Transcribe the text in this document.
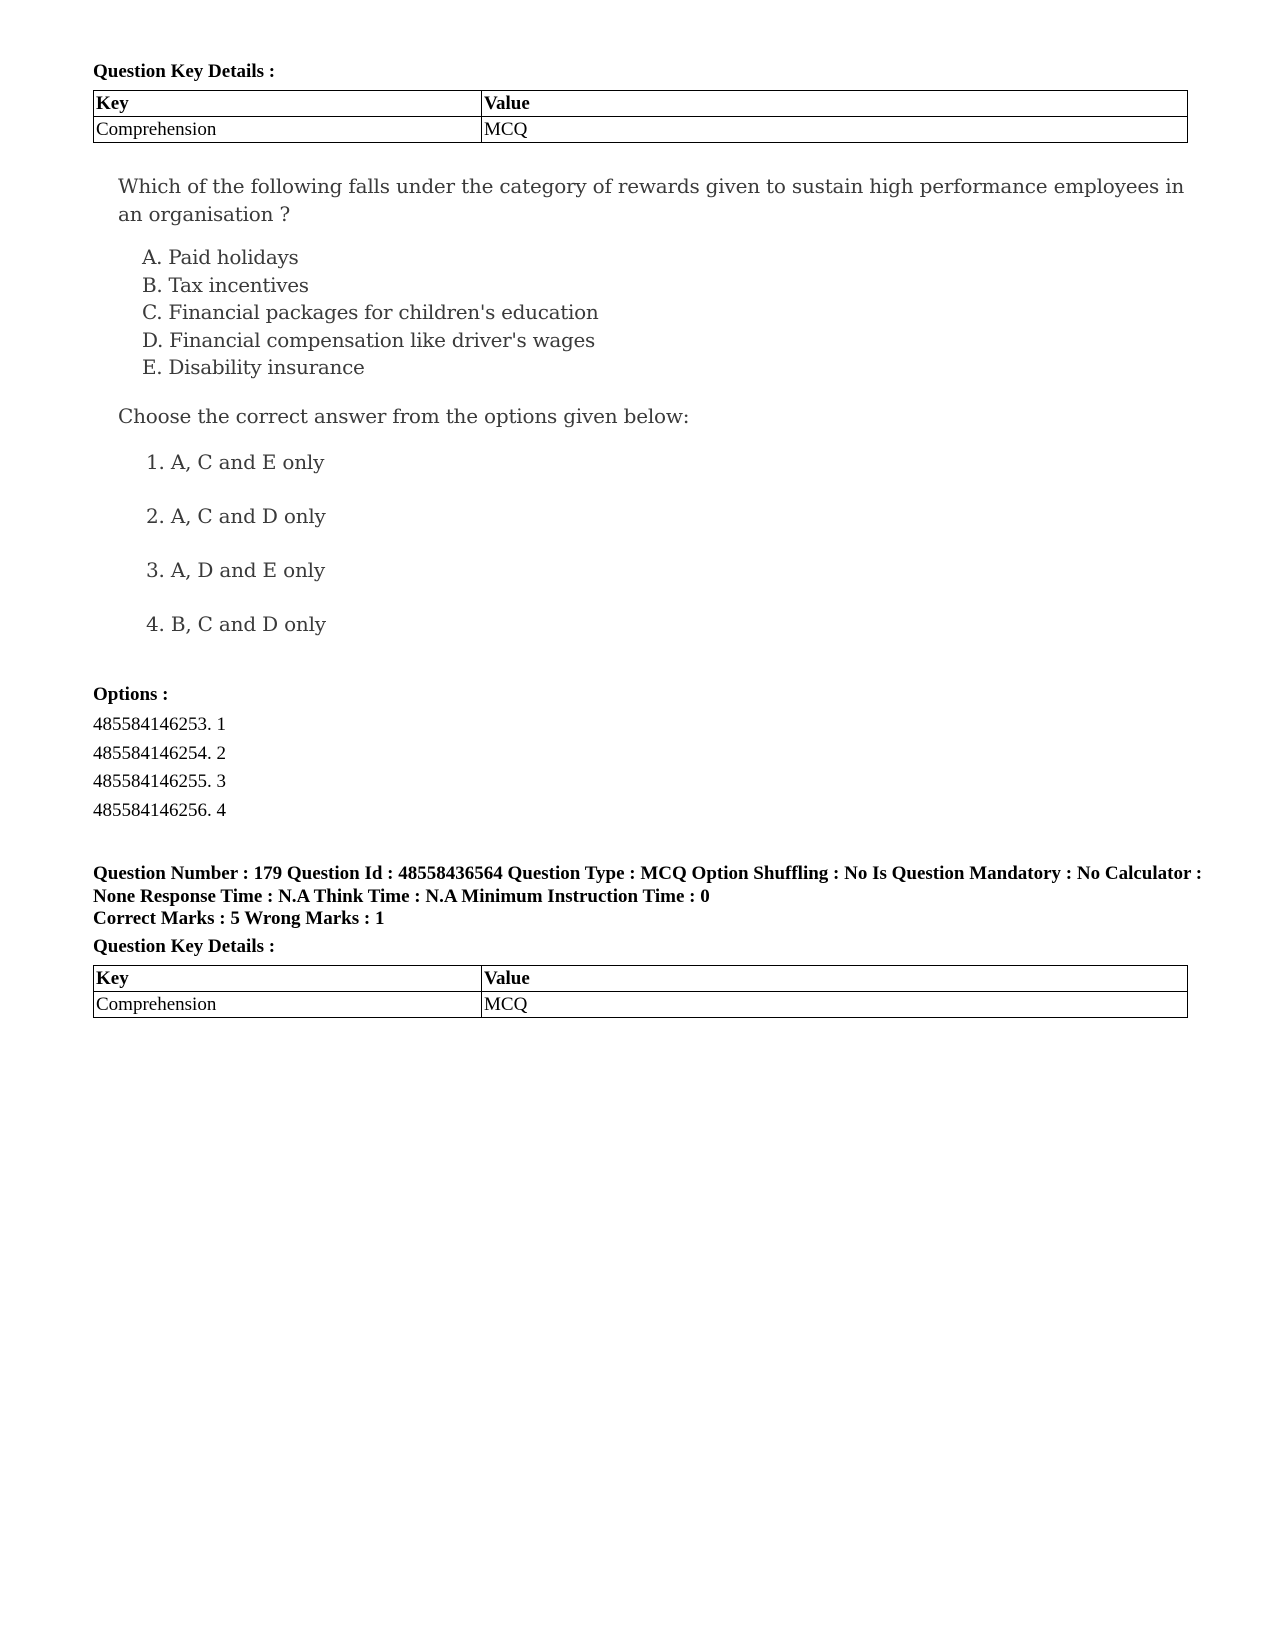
Question Key Details :
Key	Value
Comprehension	MCQ
Which of the following falls under the category of rewards given to sustain high performance employees in an organisation ?
A. Paid holidays
B. Tax incentives
C. Financial packages for children's education
D. Financial compensation like driver's wages
E. Disability insurance
Choose the correct answer from the options given below:
1. A, C and E only
2. A, C and D only
3. A, D and E only
4. B, C and D only
Options :
485584146253. 1
485584146254. 2
485584146255. 3
485584146256. 4
Question Number : 179 Question Id : 48558436564 Question Type : MCQ Option Shuffling : No Is Question Mandatory : No Calculator : None Response Time : N.A Think Time : N.A Minimum Instruction Time : 0
Correct Marks : 5 Wrong Marks : 1
Question Key Details :
Key	Value
Comprehension	MCQ
